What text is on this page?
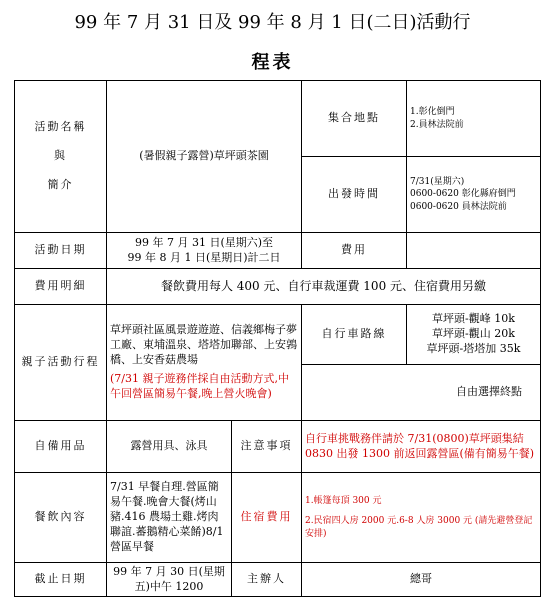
99 年 7 月 31 日及 99 年 8 月 1 日(二日)活動行
程表
活動名稱
與
簡介	(暑假親子露營)草坪頭茶園		集合地點	1.彰化倒門
2.員林法院前

			出發時間	7/31(星期六)
0600-0620 彰化縣府倒門
0600-0620 員林法院前

活動日期	99 年 7 月 31 日(星期六)至
99 年 8 月 1 日(星期日)計二日		費用	
費用明細	餐飲費用每人 400 元、自行車裁運費 100 元、住宿費用另繳			
親子活動行程	草坪頭社區風景遊遊遊、信義鄉梅子夢工廠、東埔溫泉、塔塔加聯部、上安鶉橋、上安香菇農場
(7/31 親子遊務伴採自由活動方式,中午回營區簡易午餐,晚上營火晚會)		自行車路線	草坪頭-觀峰 10k
草坪頭-觀山 20k
草坪頭-塔塔加 35k

			自由選擇終點	
自備用品	露營用具、泳具	注意事項	自行車挑戰務伴請於 7/31(0800)草坪頭集結 0830 出發 1300 前返回露營區(備有簡易午餐)	
餐飲內容	7/31 早餐自理.營區簡易午餐.晚會大餐(烤山豬.416 農場土雞.烤肉聯誼.蕃鵝精心菜餚)8/1 營區早餐	住宿費用	1.帳篷每頂 300 元
2.民宿四人房 2000 元.6-8 人房 3000 元 (請先避營登記安排)	

截止日期	99 年 7 月 30 日(星期五)中午 1200	主辦人	總哥	
